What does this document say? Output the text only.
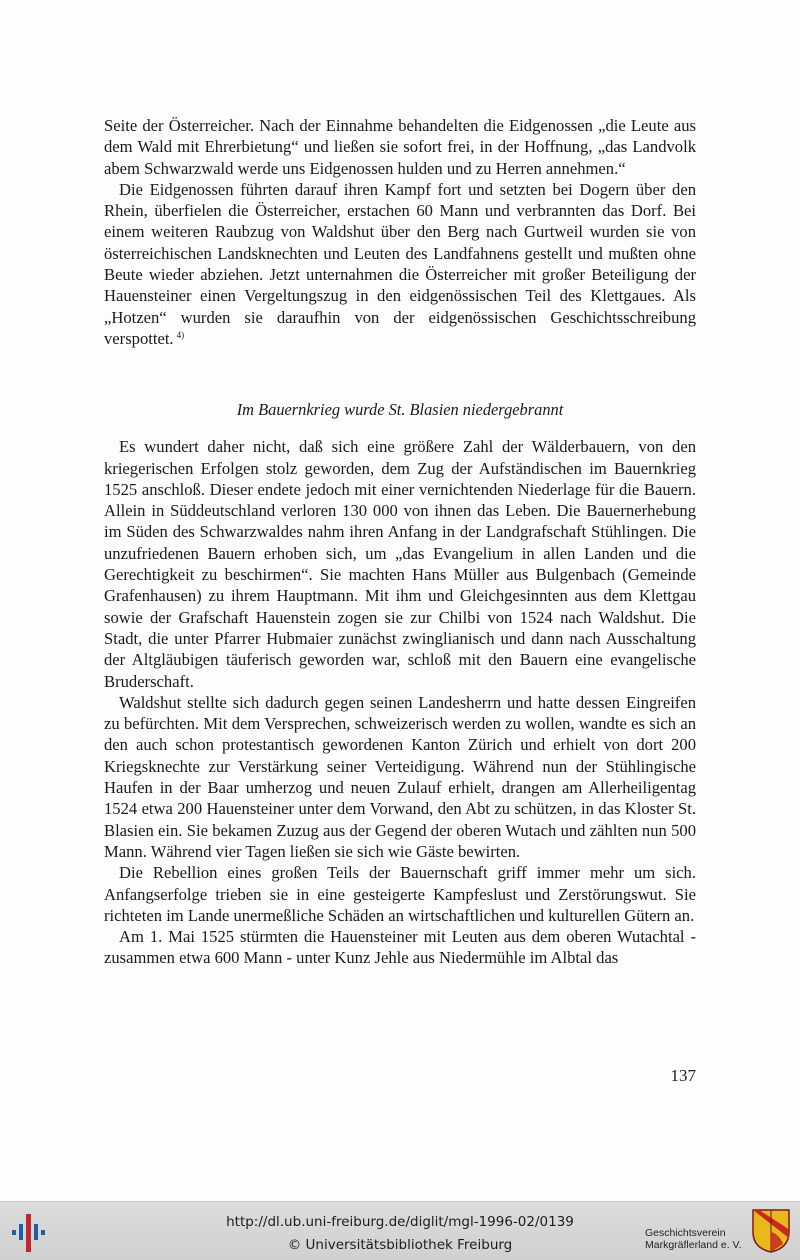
Seite der Österreicher. Nach der Einnahme behandelten die Eidgenossen „die Leute aus dem Wald mit Ehrerbietung“ und ließen sie sofort frei, in der Hoffnung, „das Landvolk abem Schwarzwald werde uns Eidgenossen hulden und zu Herren annehmen.“

Die Eidgenossen führten darauf ihren Kampf fort und setzten bei Dogern über den Rhein, überfielen die Österreicher, erstachen 60 Mann und verbrannten das Dorf. Bei einem weiteren Raubzug von Waldshut über den Berg nach Gurtweil wurden sie von österreichischen Landsknechten und Leuten des Landfahnens gestellt und mußten ohne Beute wieder abziehen. Jetzt unternahmen die Österreicher mit großer Beteiligung der Hauensteiner einen Vergeltungszug in den eidgenössischen Teil des Klettgaues. Als „Hotzen“ wurden sie daraufhin von der eidgenössischen Geschichtsschreibung verspottet. $^{4)}$

Im Bauernkrieg wurde St. Blasien niedergebrannt

Es wundert daher nicht, daß sich eine größere Zahl der Wälderbauern, von den kriegerischen Erfolgen stolz geworden, dem Zug der Aufständischen im Bauernkrieg 1525 anschloß. Dieser endete jedoch mit einer vernichtenden Niederlage für die Bauern. Allein in Süddeutschland verloren 130 000 von ihnen das Leben. Die Bauernerhebung im Süden des Schwarzwaldes nahm ihren Anfang in der Landgrafschaft Stühlingen. Die unzufriedenen Bauern erhoben sich, um „das Evangelium in allen Landen und die Gerechtigkeit zu beschirmen“. Sie machten Hans Müller aus Bulgenbach (Gemeinde Grafenhausen) zu ihrem Hauptmann. Mit ihm und Gleichgesinnten aus dem Klettgau sowie der Grafschaft Hauenstein zogen sie zur Chilbi von 1524 nach Waldshut. Die Stadt, die unter Pfarrer Hubmaier zunächst zwinglianisch und dann nach Ausschaltung der Altgläubigen täuferisch geworden war, schloß mit den Bauern eine evangelische Bruderschaft.

Waldshut stellte sich dadurch gegen seinen Landesherrn und hatte dessen Eingreifen zu befürchten. Mit dem Versprechen, schweizerisch werden zu wollen, wandte es sich an den auch schon protestantisch gewordenen Kanton Zürich und erhielt von dort 200 Kriegsknechte zur Verstärkung seiner Verteidigung. Während nun der Stühlingische Haufen in der Baar umherzog und neuen Zulauf erhielt, drangen am Allerheiligentag 1524 etwa 200 Hauensteiner unter dem Vorwand, den Abt zu schützen, in das Kloster St. Blasien ein. Sie bekamen Zuzug aus der Gegend der oberen Wutach und zählten nun 500 Mann. Während vier Tagen ließen sie sich wie Gäste bewirten.

Die Rebellion eines großen Teils der Bauernschaft griff immer mehr um sich. Anfangserfolge trieben sie in eine gesteigerte Kampfeslust und Zerstörungswut. Sie richteten im Lande unermeßliche Schäden an wirtschaftlichen und kulturellen Gütern an.

Am 1. Mai 1525 stürmten die Hauensteiner mit Leuten aus dem oberen Wutachtal - zusammen etwa 600 Mann - unter Kunz Jehle aus Niedermühle im Albtal das

137
http://dl.ub.uni-freiburg.de/diglit/mgl-1996-02/0139
© Universitätsbibliothek Freiburg
Geschichtsverein
Markgräflerland e. V.
